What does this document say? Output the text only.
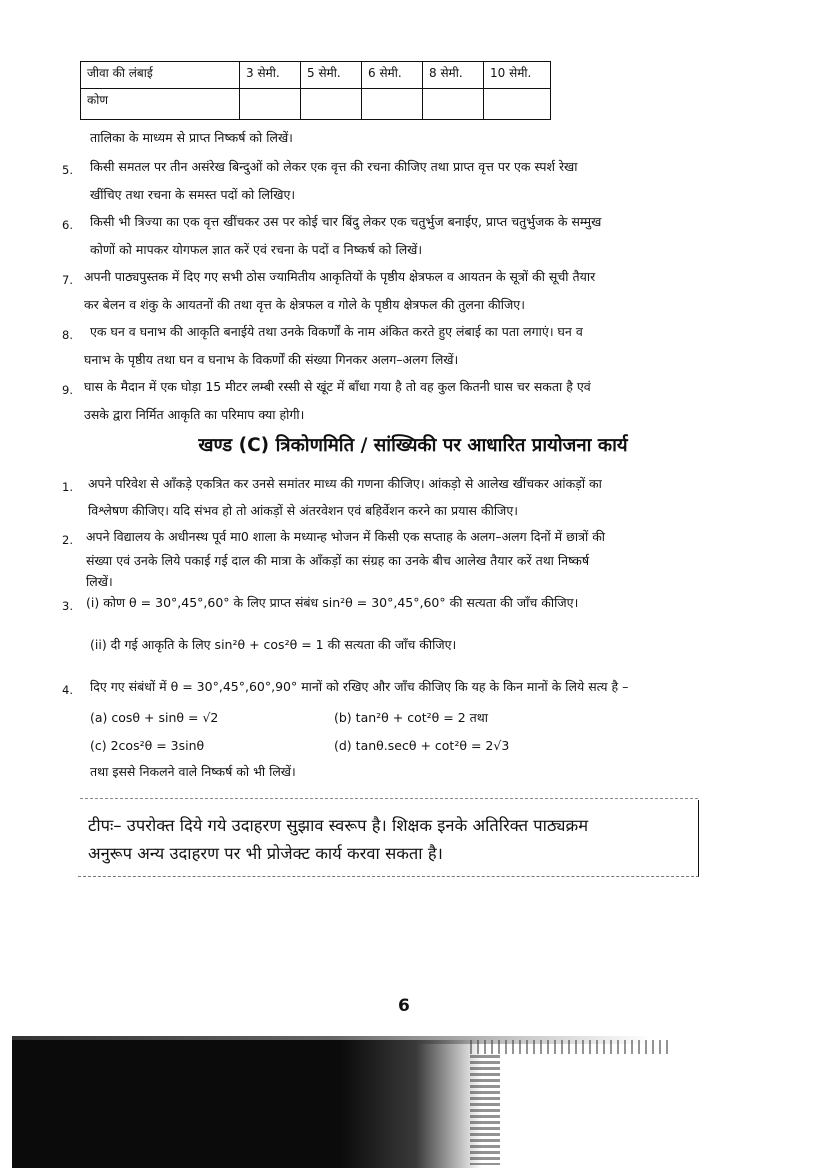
जीवा की लंबाई	3 सेमी.	5 सेमी.	6 सेमी.	8 सेमी.	10 सेमी.
कोण					
तालिका के माध्यम से प्राप्त निष्कर्ष को लिखें।
5. किसी समतल पर तीन असंरेख बिन्दुओं को लेकर एक वृत्त की रचना कीजिए तथा प्राप्त वृत्त पर एक स्पर्श रेखा
खींचिए तथा रचना के समस्त पदों को लिखिए।
6. किसी भी त्रिज्या का एक वृत्त खींचकर उस पर कोई चार बिंदु लेकर एक चतुर्भुज बनाईए, प्राप्त चतुर्भुजक के सम्मुख
कोणों को मापकर योगफल ज्ञात करें एवं रचना के पदों व निष्कर्ष को लिखें।
7. अपनी पाठ्यपुस्तक में दिए गए सभी ठोस ज्यामितीय आकृतियों के पृष्ठीय क्षेत्रफल व आयतन के सूत्रों की सूची तैयार
कर बेलन व शंकु के आयतनों की तथा वृत्त के क्षेत्रफल व गोले के पृष्ठीय क्षेत्रफल की तुलना कीजिए।
8. एक घन व घनाभ की आकृति बनाईये तथा उनके विकर्णों के नाम अंकित करते हुए लंबाई का पता लगाएं। घन व
घनाभ के पृष्ठीय तथा घन व घनाभ के विकर्णों की संख्या गिनकर अलग–अलग लिखें।
9. घास के मैदान में एक घोड़ा 15 मीटर लम्बी रस्सी से खूंट में बाँधा गया है तो वह कुल कितनी घास चर सकता है एवं
उसके द्वारा निर्मित आकृति का परिमाप क्या होगी।
खण्ड (C) त्रिकोणमिति / सांख्यिकी पर आधारित प्रायोजना कार्य
1. अपने परिवेश से आँकड़े एकत्रित कर उनसे समांतर माध्य की गणना कीजिए। आंकड़ो से आलेख खींचकर आंकड़ों का
विश्लेषण कीजिए। यदि संभव हो तो आंकड़ों से अंतरवेशन एवं बहिर्वेशन करने का प्रयास कीजिए।
2. अपने विद्यालय के अधीनस्थ पूर्व मा0 शाला के मध्यान्ह भोजन में किसी एक सप्ताह के अलग–अलग दिनों में छात्रों की
संख्या एवं उनके लिये पकाई गई दाल की मात्रा के आँकड़ों का संग्रह का उनके बीच आलेख तैयार करें तथा निष्कर्ष
लिखें।
3. (i) कोण θ = 30°,45°,60° के लिए प्राप्त संबंध sin²θ = 30°,45°,60° की सत्यता की जाँच कीजिए।
(ii) दी गई आकृति के लिए sin²θ + cos²θ = 1 की सत्यता की जाँच कीजिए।
4. दिए गए संबंधों में θ = 30°,45°,60°,90° मानों को रखिए और जाँच कीजिए कि यह के किन मानों के लिये सत्य है –
(a) cosθ + sinθ = √2	(b) tan²θ + cot²θ = 2 तथा
(c) 2cos²θ = 3sinθ	(d) tanθ.secθ + cot²θ = 2√3
तथा इससे निकलने वाले निष्कर्ष को भी लिखें।
टीपः– उपरोक्त दिये गये उदाहरण सुझाव स्वरूप है। शिक्षक इनके अतिरिक्त पाठ्यक्रम
अनुरूप अन्य उदाहरण पर भी प्रोजेक्ट कार्य करवा सकता है।
6
